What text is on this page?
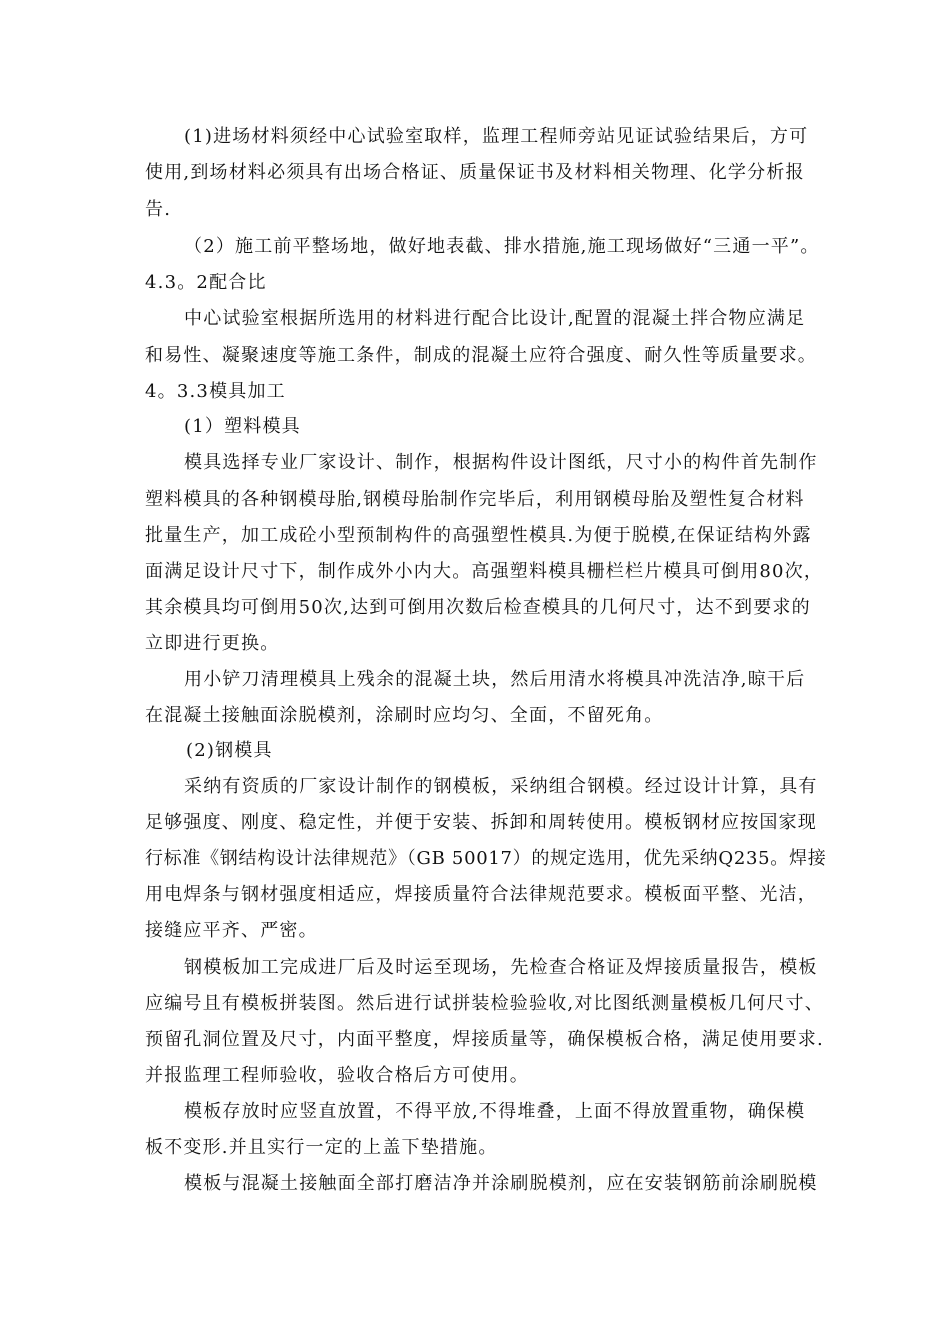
(1)进场材料须经中心试验室取样，监理工程师旁站见证试验结果后，方可
使用,到场材料必须具有出场合格证、质量保证书及材料相关物理、化学分析报
告.
（2）施工前平整场地，做好地表截、排水措施,施工现场做好“三通一平”。
4.3。2配合比
中心试验室根据所选用的材料进行配合比设计,配置的混凝土拌合物应满足
和易性、凝聚速度等施工条件，制成的混凝土应符合强度、耐久性等质量要求。
4。3.3模具加工
(1）塑料模具
模具选择专业厂家设计、制作，根据构件设计图纸，尺寸小的构件首先制作
塑料模具的各种钢模母胎,钢模母胎制作完毕后，利用钢模母胎及塑性复合材料
批量生产，加工成砼小型预制构件的高强塑性模具.为便于脱模,在保证结构外露
面满足设计尺寸下，制作成外小内大。高强塑料模具栅栏栏片模具可倒用80次，
其余模具均可倒用50次,达到可倒用次数后检查模具的几何尺寸，达不到要求的
立即进行更换。
用小铲刀清理模具上残余的混凝土块，然后用清水将模具冲洗洁净,晾干后
在混凝土接触面涂脱模剂，涂刷时应均匀、全面，不留死角。
(2)钢模具
采纳有资质的厂家设计制作的钢模板，采纳组合钢模。经过设计计算，具有
足够强度、刚度、稳定性，并便于安装、拆卸和周转使用。模板钢材应按国家现
行标准《钢结构设计法律规范》（GB 50017）的规定选用，优先采纳Q235。焊接
用电焊条与钢材强度相适应，焊接质量符合法律规范要求。模板面平整、光洁，
接缝应平齐、严密。
钢模板加工完成进厂后及时运至现场，先检查合格证及焊接质量报告，模板
应编号且有模板拼装图。然后进行试拼装检验验收,对比图纸测量模板几何尺寸、
预留孔洞位置及尺寸，内面平整度，焊接质量等，确保模板合格，满足使用要求.
并报监理工程师验收，验收合格后方可使用。
模板存放时应竖直放置，不得平放,不得堆叠，上面不得放置重物，确保模
板不变形.并且实行一定的上盖下垫措施。
模板与混凝土接触面全部打磨洁净并涂刷脱模剂，应在安装钢筋前涂刷脱模
